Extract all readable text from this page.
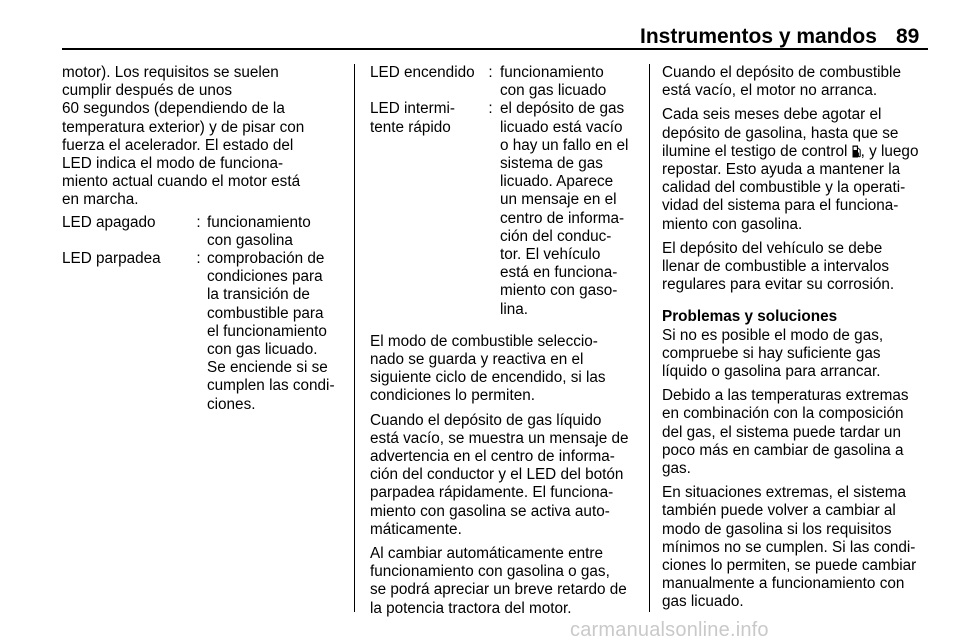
Instrumentos y mandos 89

motor). Los requisitos se suelen
cumplir después de unos
60 segundos (dependiendo de la
temperatura exterior) y de pisar con
fuerza el acelerador. El estado del
LED indica el modo de funciona-
miento actual cuando el motor está
en marcha.

LED apagado	: funcionamiento
con gasolina
LED parpadea	: comprobación de
condiciones para
la transición de
combustible para
el funcionamiento
con gas licuado.
Se enciende si se
cumplen las condi-
ciones.
LED encendido : funcionamiento
con gas licuado
LED intermi-
tente rápido
: el depósito de gas
licuado está vacío
o hay un fallo en el
sistema de gas
licuado. Aparece
un mensaje en el
centro de informa-
ción del conduc-
tor. El vehículo
está en funciona-
miento con gaso-
lina.

El modo de combustible seleccio-
nado se guarda y reactiva en el
siguiente ciclo de encendido, si las
condiciones lo permiten.

Cuando el depósito de gas líquido
está vacío, se muestra un mensaje de
advertencia en el centro de informa-
ción del conductor y el LED del botón
parpadea rápidamente. El funciona-
miento con gasolina se activa auto-
máticamente.

Al cambiar automáticamente entre
funcionamiento con gasolina o gas,
se podrá apreciar un breve retardo de
la potencia tractora del motor.

Cuando el depósito de combustible
está vacío, el motor no arranca.

Cada seis meses debe agotar el
depósito de gasolina, hasta que se
ilumine el testigo de control , y luego
repostar. Esto ayuda a mantener la
calidad del combustible y la operati-
vidad del sistema para el funciona-
miento con gasolina.

El depósito del vehículo se debe
llenar de combustible a intervalos
regulares para evitar su corrosión.

Problemas y soluciones

Si no es posible el modo de gas,
compruebe si hay suficiente gas
líquido o gasolina para arrancar.

Debido a las temperaturas extremas
en combinación con la composición
del gas, el sistema puede tardar un
poco más en cambiar de gasolina a
gas.

En situaciones extremas, el sistema
también puede volver a cambiar al
modo de gasolina si los requisitos
mínimos no se cumplen. Si las condi-
ciones lo permiten, se puede cambiar
manualmente a funcionamiento con
gas licuado.

carmanualsonline.info
